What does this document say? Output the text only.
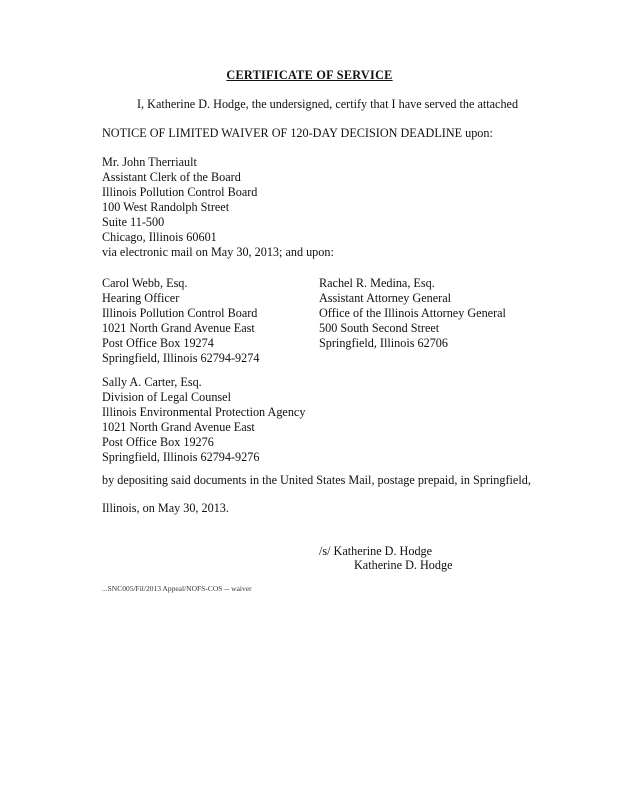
CERTIFICATE OF SERVICE
I, Katherine D. Hodge, the undersigned, certify that I have served the attached
NOTICE OF LIMITED WAIVER OF 120-DAY DECISION DEADLINE upon:
Mr. John Therriault
Assistant Clerk of the Board
Illinois Pollution Control Board
100 West Randolph Street
Suite 11-500
Chicago, Illinois 60601
via electronic mail on May 30, 2013; and upon:
Carol Webb, Esq.
Hearing Officer
Illinois Pollution Control Board
1021 North Grand Avenue East
Post Office Box 19274
Springfield, Illinois 62794-9274
Rachel R. Medina, Esq.
Assistant Attorney General
Office of the Illinois Attorney General
500 South Second Street
Springfield, Illinois 62706
Sally A. Carter, Esq.
Division of Legal Counsel
Illinois Environmental Protection Agency
1021 North Grand Avenue East
Post Office Box 19276
Springfield, Illinois 62794-9276
by depositing said documents in the United States Mail, postage prepaid, in Springfield,
Illinois, on May 30, 2013.
/s/ Katherine D. Hodge
Katherine D. Hodge
...SNC005/Fil/2013 Appeal/NOFS-COS -- waiver
